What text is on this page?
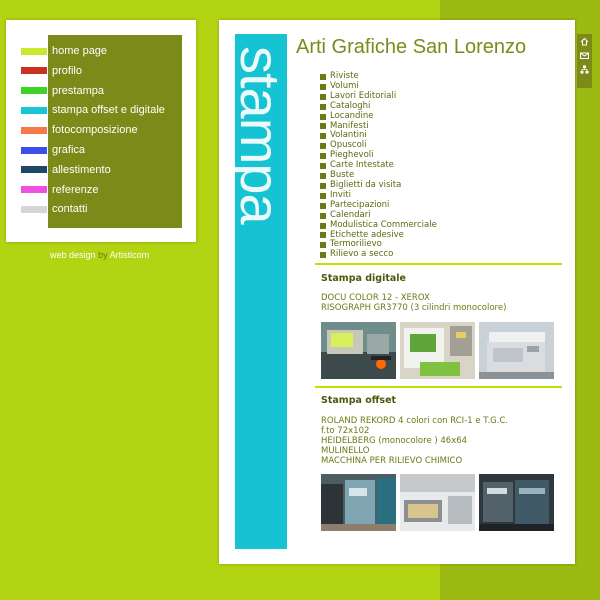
home page
profilo
prestampa
stampa offset e digitale
fotocomposizione
grafica
allestimento
referenze
contatti
web design by Artisticom
stampa Arti Grafiche San Lorenzo
Riviste
Volumi
Lavori Editoriali
Cataloghi
Locandine
Manifesti
Volantini
Opuscoli
Pieghevoli
Carte Intestate
Buste
Biglietti da visita
Inviti
Partecipazioni
Calendari
Modulistica Commerciale
Etichette adesive
Termorilievo
Rilievo a secco
Stampa digitale
DOCU COLOR 12 - XEROX
RISOGRAPH GR3770 (3 cilindri monocolore)
Stampa offset
ROLAND REKORD 4 colori con RCI-1 e T.G.C.
f.to 72x102
HEIDELBERG (monocolore ) 46x64
MULINELLO
MACCHINA PER RILIEVO CHIMICO
